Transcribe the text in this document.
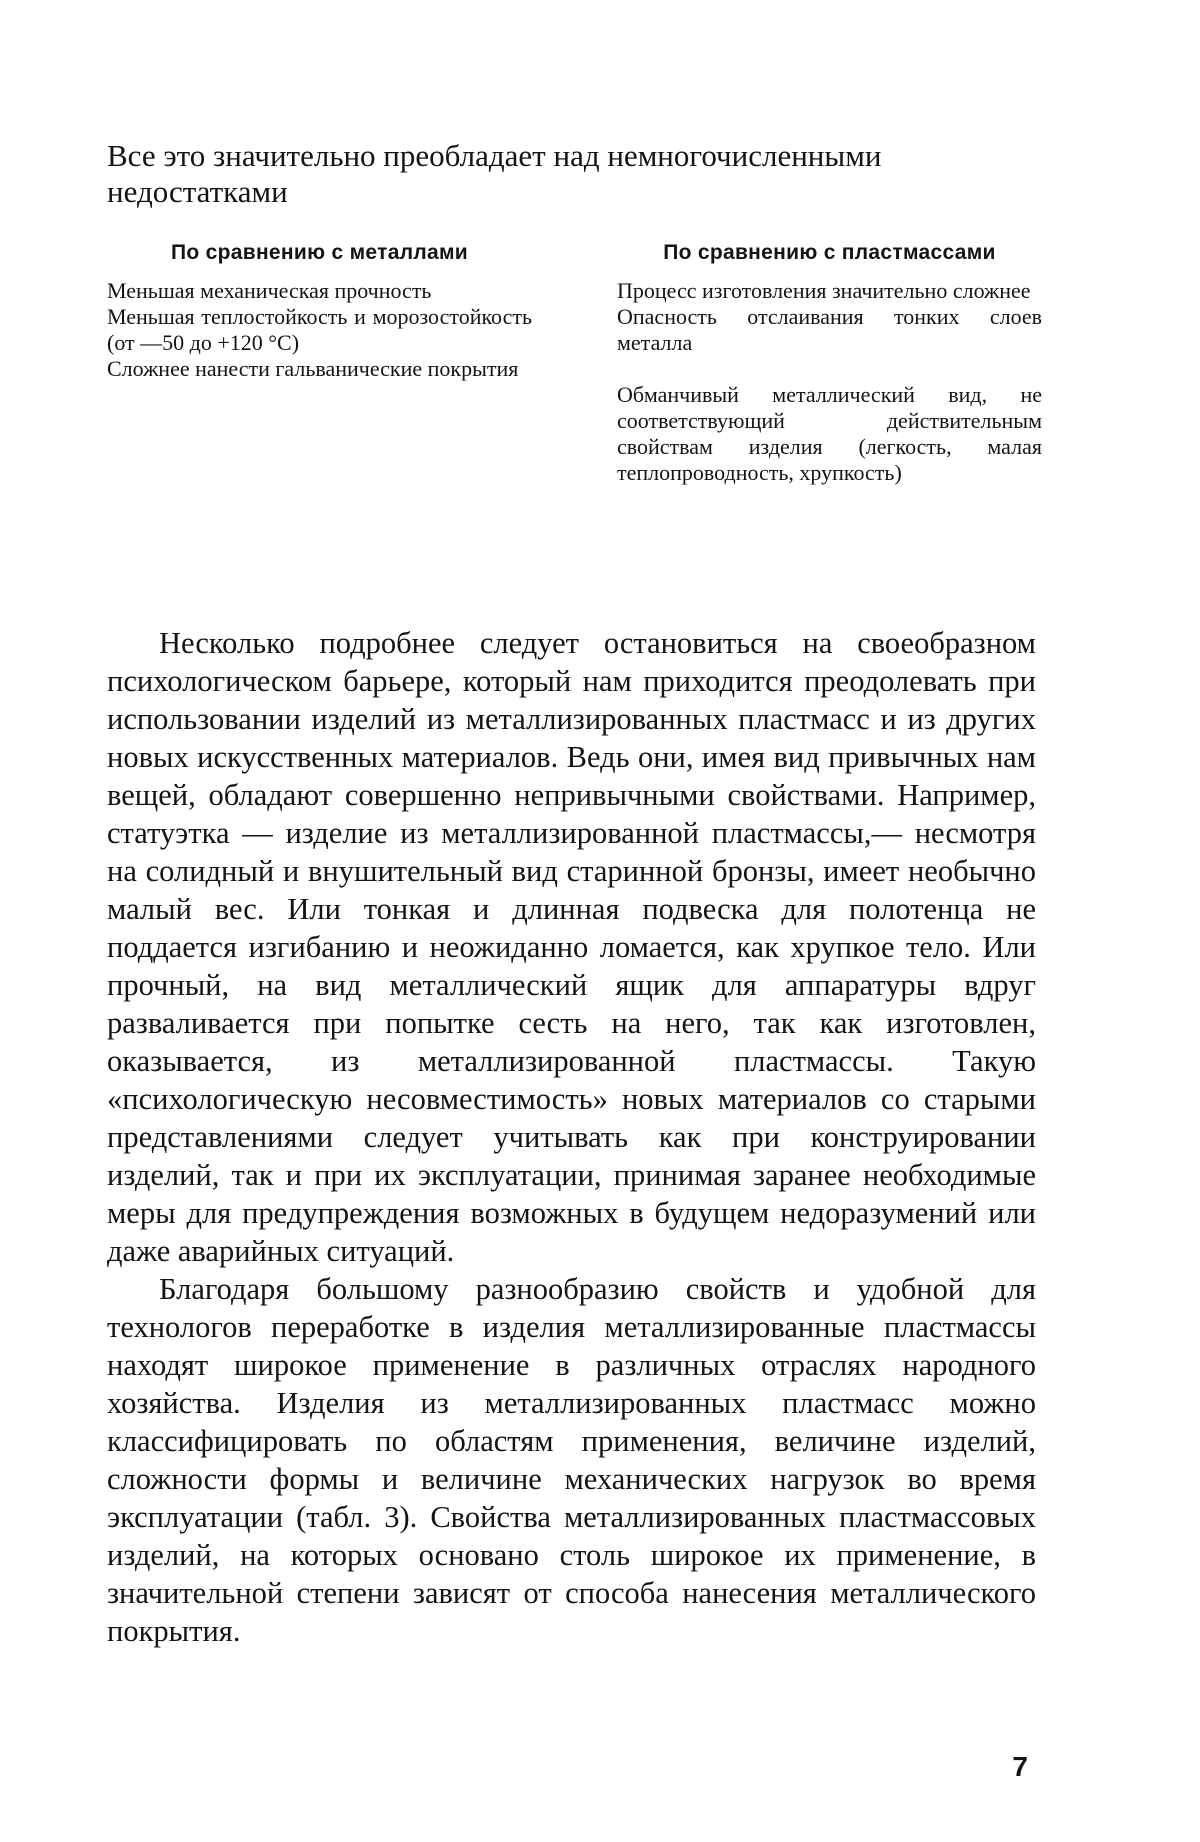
Все это значительно преобладает над немногочисленными недостатками

По сравнению с металлами

Меньшая механическая прочность
Меньшая теплостойкость и морозостойкость (от —50 до +120 °С)
Сложнее нанести гальванические покрытия

По сравнению с пластмассами

Процесс изготовления значительно сложнее
Опасность отслаивания тонких слоев металла
Обманчивый металлический вид, не соответствующий действительным свойствам изделия (легкость, малая теплопроводность, хрупкость)

Несколько подробнее следует остановиться на своеобразном психологическом барьере, который нам приходится преодолевать при использовании изделий из металлизированных пластмасс и из других новых искусственных материалов. Ведь они, имея вид привычных нам вещей, обладают совершенно непривычными свойствами. Например, статуэтка — изделие из металлизированной пластмассы,— несмотря на солидный и внушительный вид старинной бронзы, имеет необычно малый вес. Или тонкая и длинная подвеска для полотенца не поддается изгибанию и неожиданно ломается, как хрупкое тело. Или прочный, на вид металлический ящик для аппаратуры вдруг разваливается при попытке сесть на него, так как изготовлен, оказывается, из металлизированной пластмассы. Такую «психологическую несовместимость» новых материалов со старыми представлениями следует учитывать как при конструировании изделий, так и при их эксплуатации, принимая заранее необходимые меры для предупреждения возможных в будущем недоразумений или даже аварийных ситуаций.

Благодаря большому разнообразию свойств и удобной для технологов переработке в изделия металлизированные пластмассы находят широкое применение в различных отраслях народного хозяйства. Изделия из металлизированных пластмасс можно классифицировать по областям применения, величине изделий, сложности формы и величине механических нагрузок во время эксплуатации (табл. 3). Свойства металлизированных пластмассовых изделий, на которых основано столь широкое их применение, в значительной степени зависят от способа нанесения металлического покрытия.

7
